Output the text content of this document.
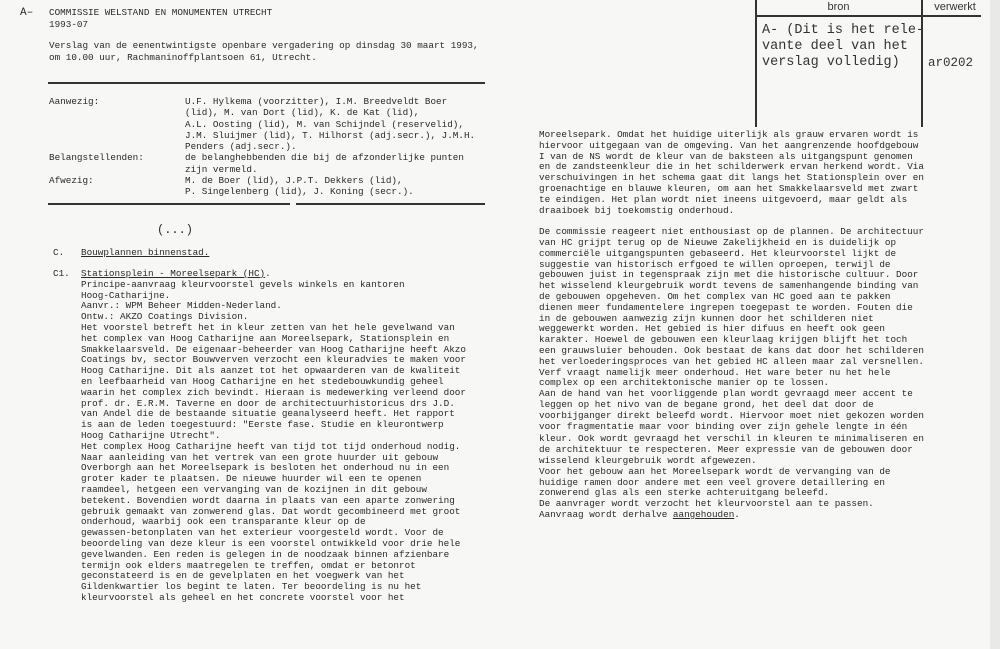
A– COMMISSIE WELSTAND EN MONUMENTEN UTRECHT
1993-07
Verslag van de eenentwintigste openbare vergadering op dinsdag 30 maart 1993,
om 10.00 uur, Rachmaninoffplantsoen 61, Utrecht.
Aanwezig:	U.F. Hylkema (voorzitter), I.M. Breedveldt Boer
(lid), M. van Dort (lid), K. de Kat (lid),
A.L. Oosting (lid), M. van Schijndel (reservelid),
J.M. Sluijmer (lid), T. Hilhorst (adj.secr.), J.M.H.
Penders (adj.secr.).
Belangstellenden:	de belanghebbenden die bij de afzonderlijke punten
zijn vermeld.
Afwezig:	M. de Boer (lid), J.P.T. Dekkers (lid),
P. Singelenberg (lid), J. Koning (secr.).
(...)
C. Bouwplannen binnenstad.
C1. Stationsplein - Moreelsepark (HC).
Principe-aanvraag kleurvoorstel gevels winkels en kantoren
Hoog-Catharijne.
Aanvr.: WPM Beheer Midden-Nederland.
Ontw.: AKZO Coatings Division.
Het voorstel betreft het in kleur zetten van het hele gevelwand van
het complex van Hoog Catharijne aan Moreelsepark, Stationsplein en
Smakkelaarsveld. De eigenaar-beheerder van Hoog Catharijne heeft Akzo
Coatings bv, sector Bouwverven verzocht een kleuradvies te maken voor
Hoog Catharijne. Dit als aanzet tot het opwaarderen van de kwaliteit
en leefbaarheid van Hoog Catharijne en het stedebouwkundig geheel
waarin het complex zich bevindt. Hieraan is medewerking verleend door
prof. dr. E.R.M. Taverne en door de architectuurhistoricus drs J.D.
van Andel die de bestaande situatie geanalyseerd heeft. Het rapport
is aan de leden toegestuurd: "Eerste fase. Studie en kleurontwerp
Hoog Catharijne Utrecht".
Het complex Hoog Catharijne heeft van tijd tot tijd onderhoud nodig.
Naar aanleiding van het vertrek van een grote huurder uit gebouw
Overborgh aan het Moreelsepark is besloten het onderhoud nu in een
groter kader te plaatsen. De nieuwe huurder wil een te openen
raamdeel, hetgeen een vervanging van de kozijnen in dit gebouw
betekent. Bovendien wordt daarna in plaats van een aparte zonwering
gebruik gemaakt van zonwerend glas. Dat wordt gecombineerd met groot
onderhoud, waarbij ook een transparante kleur op de
gewassen-betonplaten van het exterieur voorgesteld wordt. Voor de
beoordeling van deze kleur is een voorstel ontwikkeld voor drie hele
gevelwanden. Een reden is gelegen in de noodzaak binnen afzienbare
termijn ook elders maatregelen te treffen, omdat er betonrot
geconstateerd is en de gevelplaten en het voegwerk van het
Gildenkwartier los begint te laten. Ter beoordeling is nu het
kleurvoorstel als geheel en het concrete voorstel voor het
bron	verwerkt
A- (Dit is het rele-
vante deel van het
verslag volledig)	ar0202
Moreelsepark. Omdat het huidige uiterlijk als grauw ervaren wordt is
hiervoor uitgegaan van de omgeving. Van het aangrenzende hoofdgebouw
I van de NS wordt de kleur van de baksteen als uitgangspunt genomen
en de zandsteenkleur die in het schilderwerk ervan herkend wordt. Via
verschuivingen in het schema gaat dit langs het Stationsplein over en
groenachtige en blauwe kleuren, om aan het Smakkelaarsveld met zwart
te eindigen. Het plan wordt niet ineens uitgevoerd, maar geldt als
draaiboek bij toekomstig onderhoud.
De commissie reageert niet enthousiast op de plannen. De architectuur
van HC grijpt terug op de Nieuwe Zakelijkheid en is duidelijk op
commerciële uitgangspunten gebaseerd. Het kleurvoorstel lijkt de
suggestie van historisch erfgoed te willen oproepen, terwijl de
gebouwen juist in tegenspraak zijn met die historische cultuur. Door
het wisselend kleurgebruik wordt tevens de samenhangende binding van
de gebouwen opgeheven. Om het complex van HC goed aan te pakken
dienen meer fundamentelere ingrepen toegepast te worden. Fouten die
in de gebouwen aanwezig zijn kunnen door het schilderen niet
weggewerkt worden. Het gebied is hier difuus en heeft ook geen
karakter. Hoewel de gebouwen een kleurlaag krijgen blijft het toch
een grauwsluier behouden. Ook bestaat de kans dat door het schilderen
het verloederingsproces van het gebied HC alleen maar zal versnellen.
Verf vraagt namelijk meer onderhoud. Het ware beter nu het hele
complex op een architektonische manier op te lossen.
Aan de hand van het voorliggende plan wordt gevraagd meer accent te
leggen op het nivo van de begane grond, het deel dat door de
voorbijganger direkt beleefd wordt. Hiervoor moet niet gekozen worden
voor fragmentatie maar voor binding over zijn gehele lengte in één
kleur. Ook wordt gevraagd het verschil in kleuren te minimaliseren en
de architektuur te respecteren. Meer expressie van de gebouwen door
wisselend kleurgebruik wordt afgewezen.
Voor het gebouw aan het Moreelsepark wordt de vervanging van de
huidige ramen door andere met een veel grovere detaillering en
zonwerend glas als een sterke achteruitgang beleefd.
De aanvrager wordt verzocht het kleurvoorstel aan te passen.
Aanvraag wordt derhalve aangehouden.
